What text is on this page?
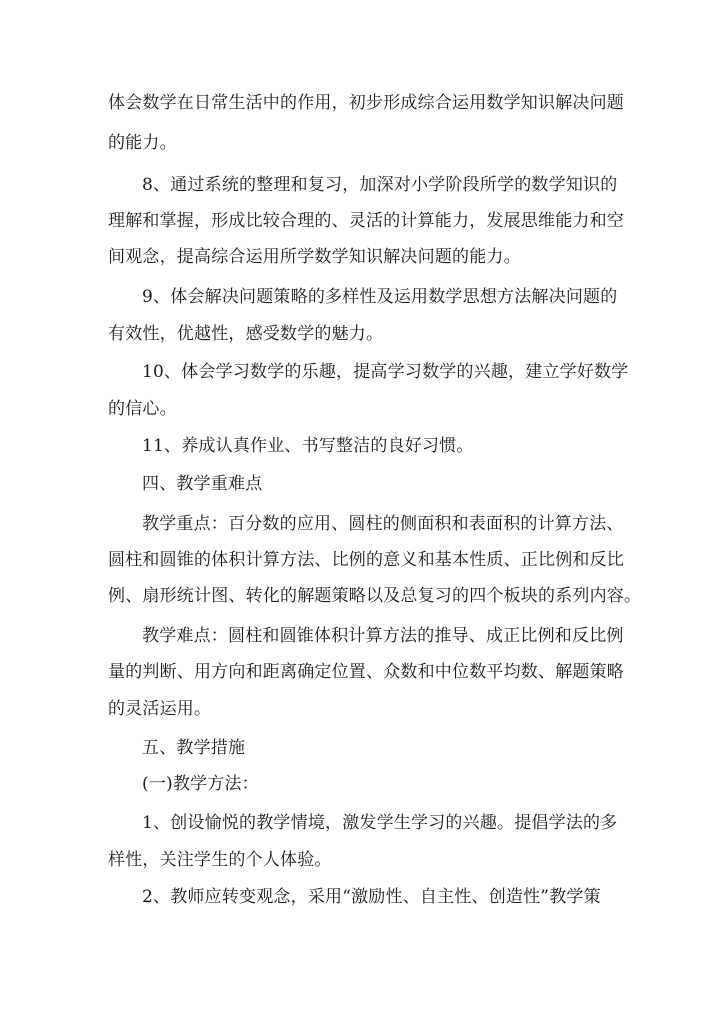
体会数学在日常生活中的作用，初步形成综合运用数学知识解决问题
的能力。
8、通过系统的整理和复习，加深对小学阶段所学的数学知识的
理解和掌握，形成比较合理的、灵活的计算能力，发展思维能力和空
间观念，提高综合运用所学数学知识解决问题的能力。
9、体会解决问题策略的多样性及运用数学思想方法解决问题的
有效性，优越性，感受数学的魅力。
10、体会学习数学的乐趣，提高学习数学的兴趣，建立学好数学
的信心。
11、养成认真作业、书写整洁的良好习惯。
四、教学重难点
教学重点：百分数的应用、圆柱的侧面积和表面积的计算方法、
圆柱和圆锥的体积计算方法、比例的意义和基本性质、正比例和反比
例、扇形统计图、转化的解题策略以及总复习的四个板块的系列内容。
教学难点：圆柱和圆锥体积计算方法的推导、成正比例和反比例
量的判断、用方向和距离确定位置、众数和中位数平均数、解题策略
的灵活运用。
五、教学措施
(一)教学方法：
1、创设愉悦的教学情境，激发学生学习的兴趣。提倡学法的多
样性，关注学生的个人体验。
2、教师应转变观念，采用“激励性、自主性、创造性”教学策
